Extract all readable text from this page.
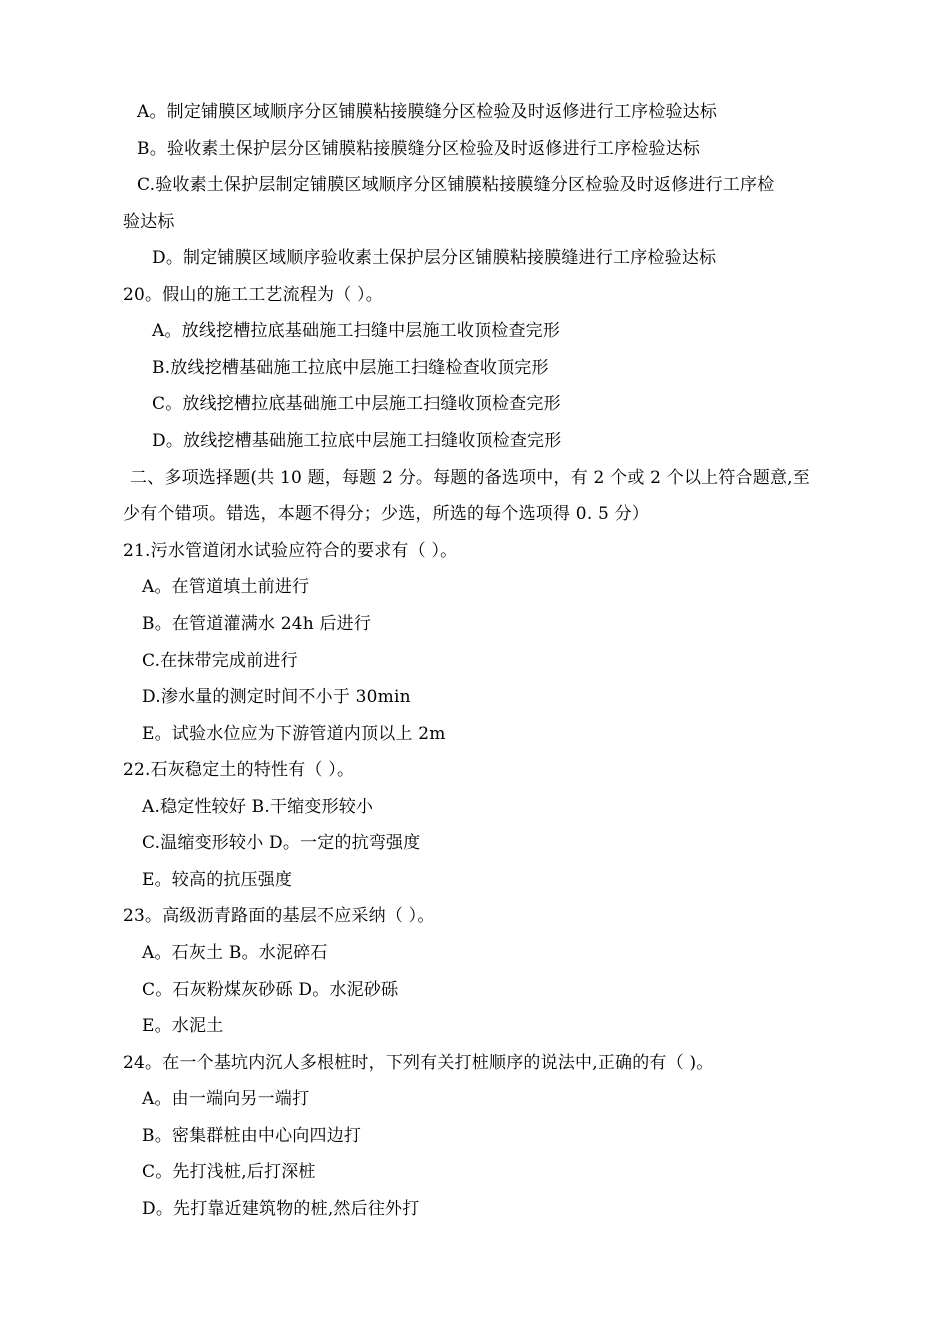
A。制定铺膜区域顺序分区铺膜粘接膜缝分区检验及时返修进行工序检验达标
B。验收素土保护层分区铺膜粘接膜缝分区检验及时返修进行工序检验达标
C.验收素土保护层制定铺膜区域顺序分区铺膜粘接膜缝分区检验及时返修进行工序检
验达标
D。制定铺膜区域顺序验收素土保护层分区铺膜粘接膜缝进行工序检验达标
20。假山的施工工艺流程为（ ）。
A。放线挖槽拉底基础施工扫缝中层施工收顶检查完形
B.放线挖槽基础施工拉底中层施工扫缝检查收顶完形
C。放线挖槽拉底基础施工中层施工扫缝收顶检查完形
D。放线挖槽基础施工拉底中层施工扫缝收顶检查完形
二、多项选择题(共 10 题，每题 2 分。每题的备选项中，有 2 个或 2 个以上符合题意,至
少有个错项。错选，本题不得分；少选，所选的每个选项得 0. 5 分）
21.污水管道闭水试验应符合的要求有（ ）。
A。在管道填土前进行
B。在管道灌满水 24h 后进行
C.在抹带完成前进行
D.渗水量的测定时间不小于 30min
E。试验水位应为下游管道内顶以上 2m
22.石灰稳定土的特性有（ ）。
A.稳定性较好 B.干缩变形较小
C.温缩变形较小 D。一定的抗弯强度
E。较高的抗压强度
23。高级沥青路面的基层不应采纳（ ）。
A。石灰土 B。水泥碎石
C。石灰粉煤灰砂砾 D。水泥砂砾
E。水泥土
24。在一个基坑内沉人多根桩时，下列有关打桩顺序的说法中,正确的有（ )。
A。由一端向另一端打
B。密集群桩由中心向四边打
C。先打浅桩,后打深桩
D。先打靠近建筑物的桩,然后往外打
